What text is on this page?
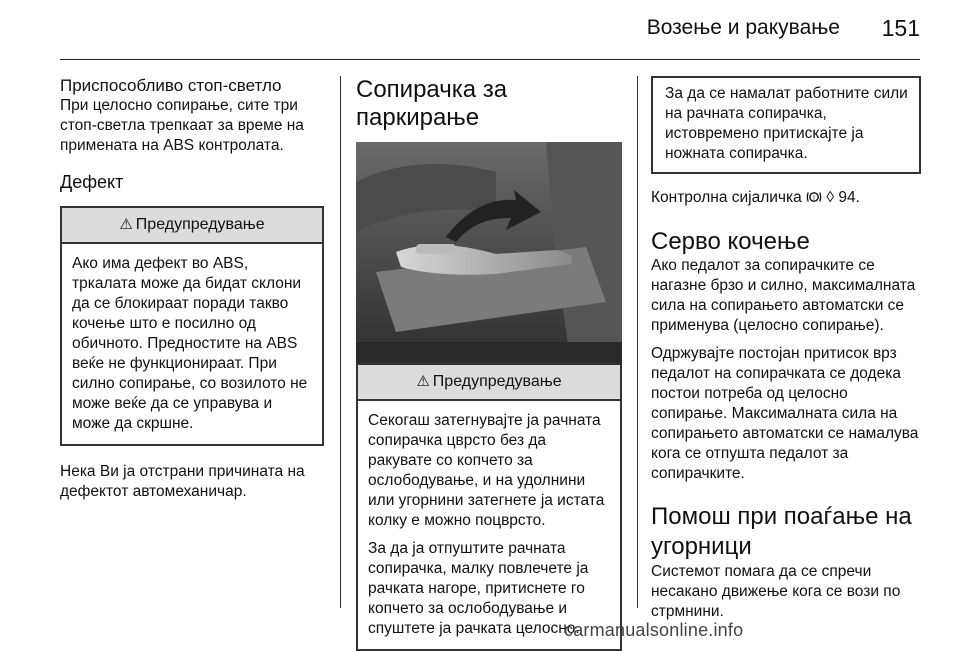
Возење и ракување 151
Приспособливо стоп-светло

При целосно сопирање, сите три стоп-светла трепкаат за време на примената на ABS контролата.

Дефект
⚠ Предупредување

Ако има дефект во ABS, тркалата може да бидат склони да се блокираат поради такво кочење што е посилно од обичното. Предностите на ABS веќе не функционираат. При силно сопирање, со возилото не може веќе да се управува и може да скршне.

Нека Ви ја отстрани причината на дефектот автомеханичар.

Сопирачка за паркирање
⚠ Предупредување

Секогаш затегнувајте ја рачната сопирачка цврсто без да ракувате со копчето за ослободување, и на удолнини или угорнини затегнете ја истата колку е можно поцврсто.

За да ја отпуштите рачната сопирачка, малку повлечете ја рачката нагоре, притиснете го копчето за ослободување и спуштете ја рачката целосно.

За да се намалат работните сили на рачната сопирачка, истовремено притискајте ја ножната сопирачка.

Контролна сијаличка ! ◊ 94.

Серво кочење

Ако педалот за сопирачките се нагазне брзо и силно, максималната сила на сопирањето автоматски се применува (целосно сопирање).

Одржувајте постојан притисок врз педалот на сопирачката се додека постои потреба од целосно сопирање. Максималната сила на сопирањето автоматски се намалува кога се отпушта педалот за сопирачките.

Помош при поаѓање на угорници

Системот помага да се спречи несакано движење кога се вози по стрмнини.

carmanualsonline.info
